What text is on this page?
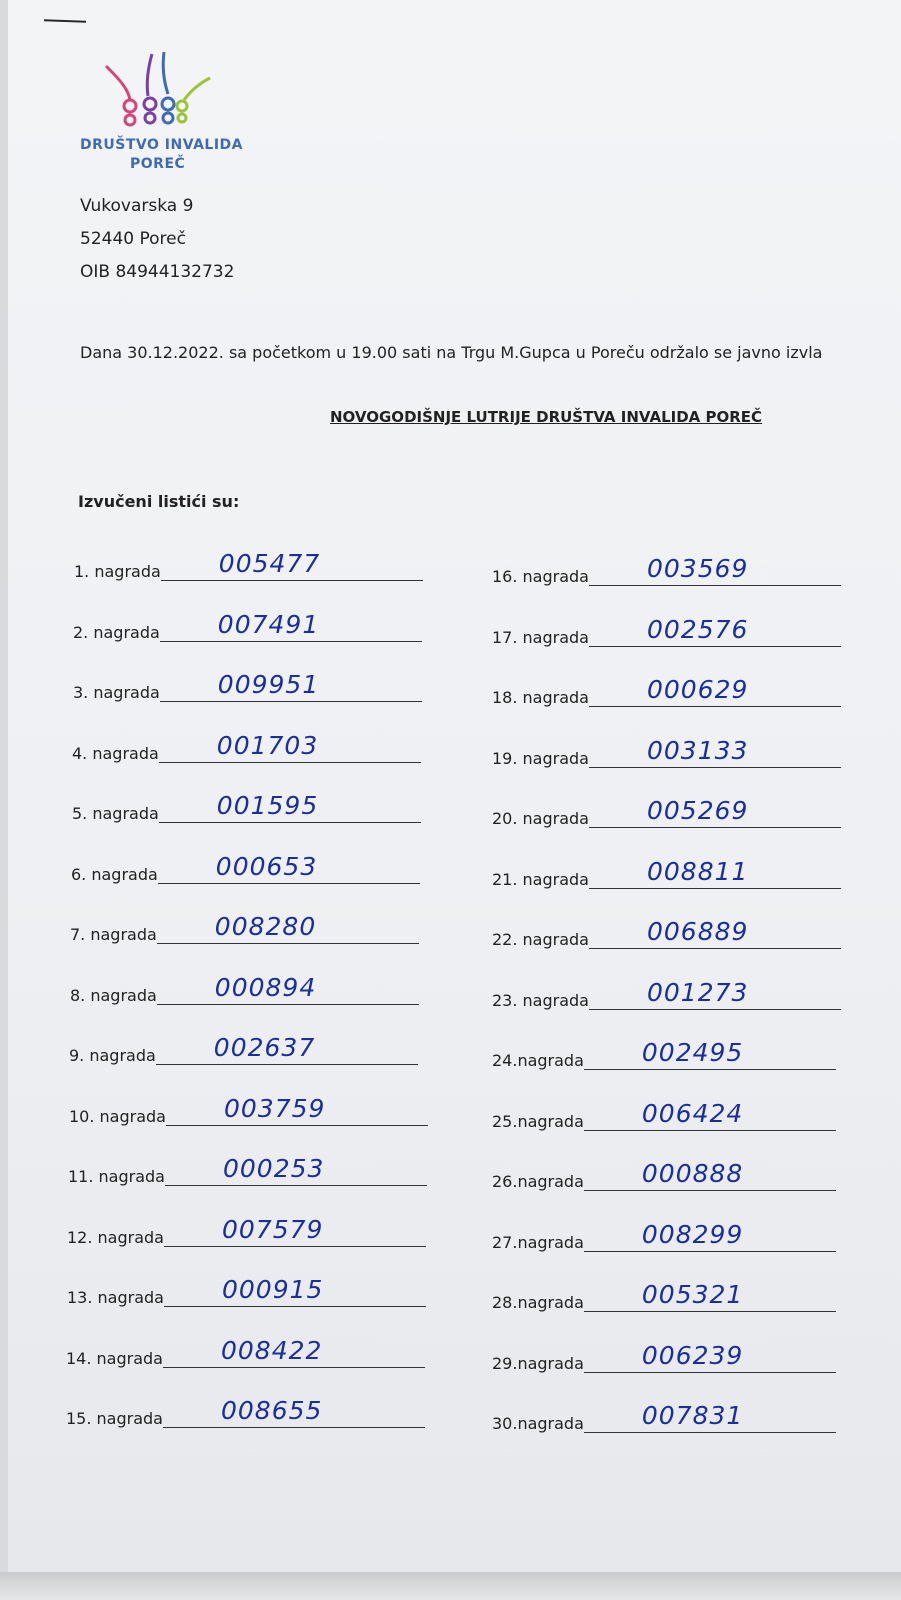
DRUŠTVO INVALIDA
POREČ
Vukovarska 9
52440 Poreč
OIB 84944132732
Dana 30.12.2022. sa početkom u 19.00 sati na Trgu M.Gupca u Poreču održalo se javno izvla
NOVOGODIŠNJE LUTRIJE DRUŠTVA INVALIDA POREČ
Izvučeni listići su:
1. nagrada 005477
2. nagrada 007491
3. nagrada 009951
4. nagrada 001703
5. nagrada 001595
6. nagrada 000653
7. nagrada 008280
8. nagrada 000894
9. nagrada 002637
10. nagrada 003759
11. nagrada 000253
12. nagrada 007579
13. nagrada 000915
14. nagrada 008422
15. nagrada 008655
16. nagrada 003569
17. nagrada 002576
18. nagrada 000629
19. nagrada 003133
20. nagrada 005269
21. nagrada 008811
22. nagrada 006889
23. nagrada 001273
24.nagrada 002495
25.nagrada 006424
26.nagrada 000888
27.nagrada 008299
28.nagrada 005321
29.nagrada 006239
30.nagrada 007831
